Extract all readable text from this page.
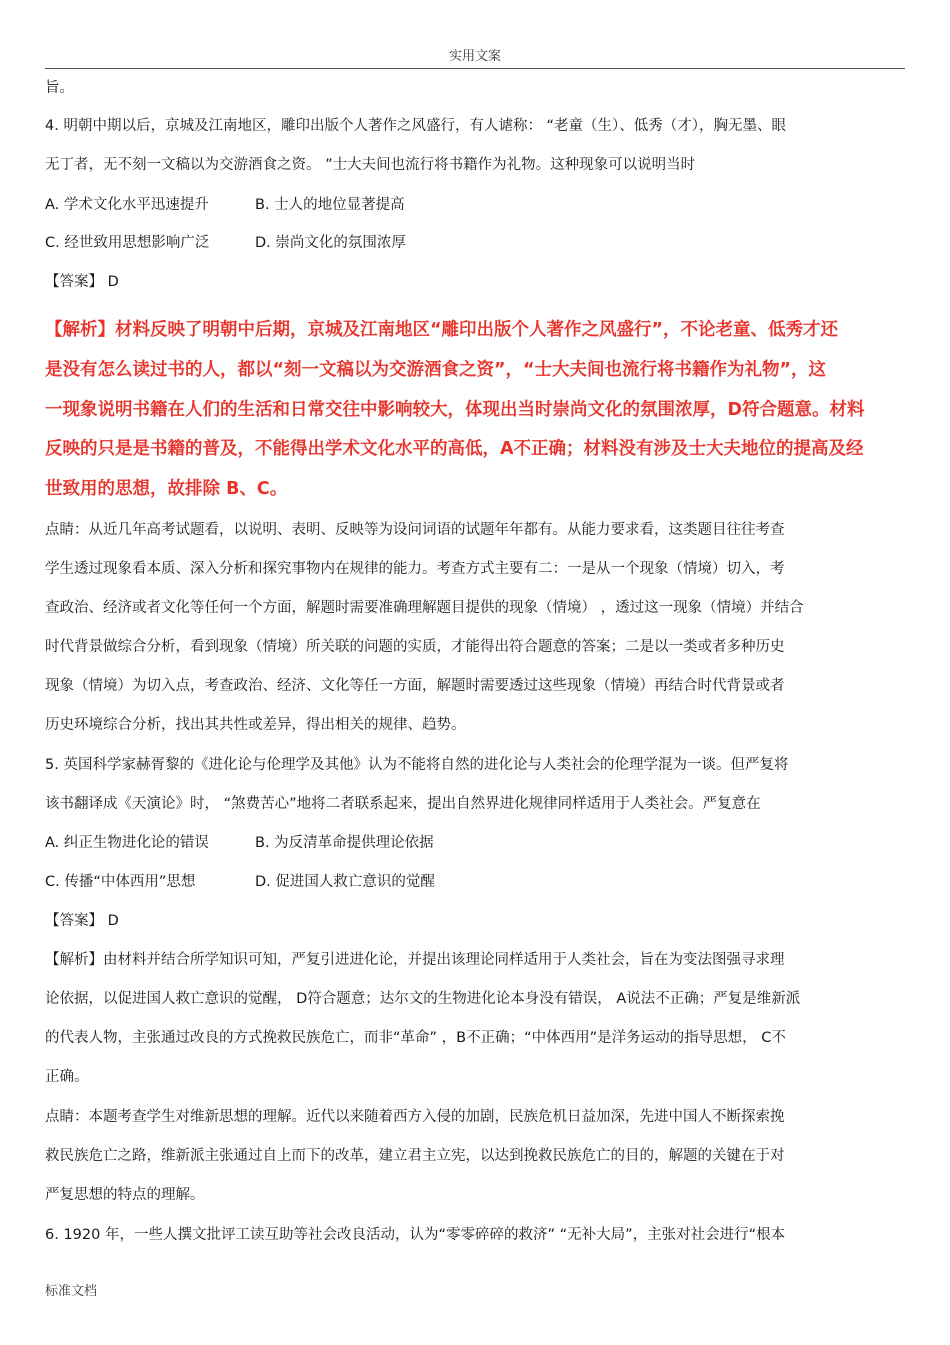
实用文案
旨。
4. 明朝中期以后，京城及江南地区，雕印出版个人著作之风盛行，有人谑称： “老童（生）、低秀（才），胸无墨、眼
无丁者，无不刻一文稿以为交游酒食之资。 ”士大夫间也流行将书籍作为礼物。这种现象可以说明当时
A. 学术文化水平迅速提升	B. 士人的地位显著提高
C. 经世致用思想影响广泛	D. 崇尚文化的氛围浓厚
【答案】 D
【解析】材料反映了明朝中后期，京城及江南地区“雕印出版个人著作之风盛行”，不论老童、低秀才还
是没有怎么读过书的人，都以“刻一文稿以为交游酒食之资”，“士大夫间也流行将书籍作为礼物”，这
一现象说明书籍在人们的生活和日常交往中影响较大，体现出当时崇尚文化的氛围浓厚，D符合题意。材料
反映的只是是书籍的普及，不能得出学术文化水平的高低，A不正确；材料没有涉及士大夫地位的提高及经
世致用的思想，故排除 B、C。
点睛：从近几年高考试题看，以说明、表明、反映等为设问词语的试题年年都有。从能力要求看，这类题目往往考查
学生透过现象看本质、深入分析和探究事物内在规律的能力。考查方式主要有二：一是从一个现象（情境）切入，考
查政治、经济或者文化等任何一个方面，解题时需要准确理解题目提供的现象（情境） ，透过这一现象（情境）并结合
时代背景做综合分析，看到现象（情境）所关联的问题的实质，才能得出符合题意的答案；二是以一类或者多种历史
现象（情境）为切入点，考查政治、经济、文化等任一方面，解题时需要透过这些现象（情境）再结合时代背景或者
历史环境综合分析，找出其共性或差异，得出相关的规律、趋势。
5. 英国科学家赫胥黎的《进化论与伦理学及其他》认为不能将自然的进化论与人类社会的伦理学混为一谈。但严复将
该书翻译成《天演论》时， “煞费苦心”地将二者联系起来，提出自然界进化规律同样适用于人类社会。严复意在
A. 纠正生物进化论的错误	B. 为反清革命提供理论依据
C. 传播“中体西用”思想	D. 促进国人救亡意识的觉醒
【答案】 D
【解析】由材料并结合所学知识可知，严复引进进化论，并提出该理论同样适用于人类社会，旨在为变法图强寻求理
论依据，以促进国人救亡意识的觉醒， D符合题意；达尔文的生物进化论本身没有错误， A说法不正确；严复是维新派
的代表人物，主张通过改良的方式挽救民族危亡，而非“革命” ，B不正确；“中体西用”是洋务运动的指导思想， C不
正确。
点睛：本题考查学生对维新思想的理解。近代以来随着西方入侵的加剧，民族危机日益加深，先进中国人不断探索挽
救民族危亡之路，维新派主张通过自上而下的改革，建立君主立宪，以达到挽救民族危亡的目的，解题的关键在于对
严复思想的特点的理解。
6. 1920 年，一些人撰文批评工读互助等社会改良活动，认为“零零碎碎的救济” “无补大局”，主张对社会进行“根本
标准文档
